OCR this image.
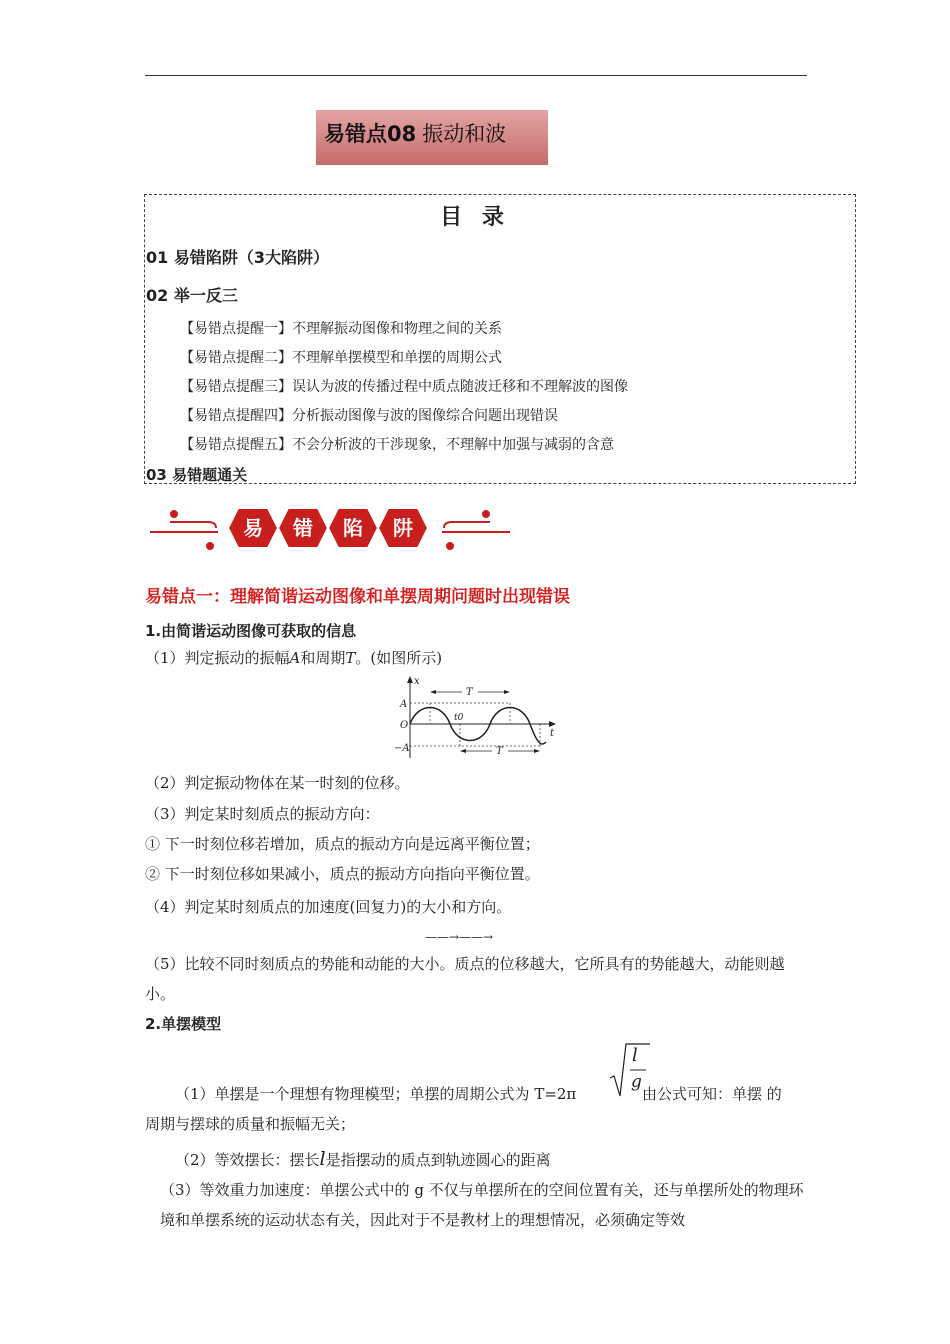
易错点08 振动和波
目 录
01 易错陷阱（3大陷阱）
02 举一反三
【易错点提醒一】不理解振动图像和物理之间的关系
【易错点提醒二】不理解单摆模型和单摆的周期公式
【易错点提醒三】误认为波的传播过程中质点随波迁移和不理解波的图像
【易错点提醒四】分析振动图像与波的图像综合问题出现错误
【易错点提醒五】不会分析波的干涉现象，不理解中加强与减弱的含意
03 易错题通关
易 错 陷 阱
易错点一：理解简谐运动图像和单摆周期问题时出现错误
1.由简谐运动图像可获取的信息
（1）判定振动的振幅A和周期T。(如图所示)
x
t
A
O
−A
T
T
t0
（2）判定振动物体在某一时刻的位移。
（3）判定某时刻质点的振动方向：
① 下一时刻位移若增加，质点的振动方向是远离平衡位置；
② 下一时刻位移如果减小，质点的振动方向指向平衡位置。
（4）判定某时刻质点的加速度(回复力)的大小和方向。
——→——→
（5）比较不同时刻质点的势能和动能的大小。质点的位移越大，它所具有的势能越大，动能则越小。
2.单摆模型
l
g
（1）单摆是一个理想有物理模型；单摆的周期公式为 T=2π	由公式可知：单摆 的
周期与摆球的质量和振幅无关；
（2）等效摆长：摆长l是指摆动的质点到轨迹圆心的距离
（3）等效重力加速度：单摆公式中的 g 不仅与单摆所在的空间位置有关，还与单摆所处的物理环境和单摆系统的运动状态有关，因此对于不是教材上的理想情况，必须确定等效
